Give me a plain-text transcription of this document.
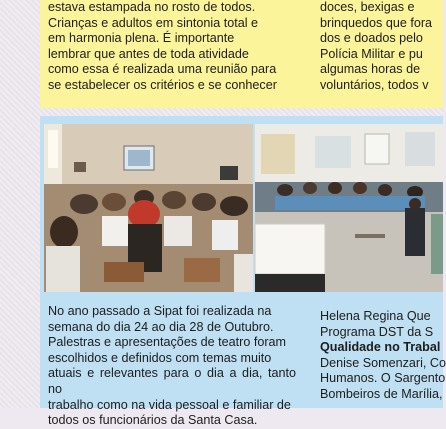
estava estampada no rosto de todos.

Crianças e adultos em sintonia total e

em harmonia plena. É importante

lembrar que antes de toda atividade

como essa é realizada uma reunião para

se estabelecer os critérios e se conhecer

doces, bexigas e

brinquedos que fora

dos e doados pelo

Polícia Militar e pu

algumas horas de

voluntários, todos v

No ano passado a Sipat foi realizada na

semana do dia 24 ao dia 28 de Outubro.

Palestras e apresentações de teatro foram

escolhidos e definidos com temas muito

atuais e relevantes para o dia a dia, tanto no

trabalho como na vida pessoal e familiar de

todos os funcionários da Santa Casa.

Helena Regina Que

Programa DST da S

Qualidade no Trabal

Denise Somenzari, Co

Humanos. O Sargento

Bombeiros de Marília,
